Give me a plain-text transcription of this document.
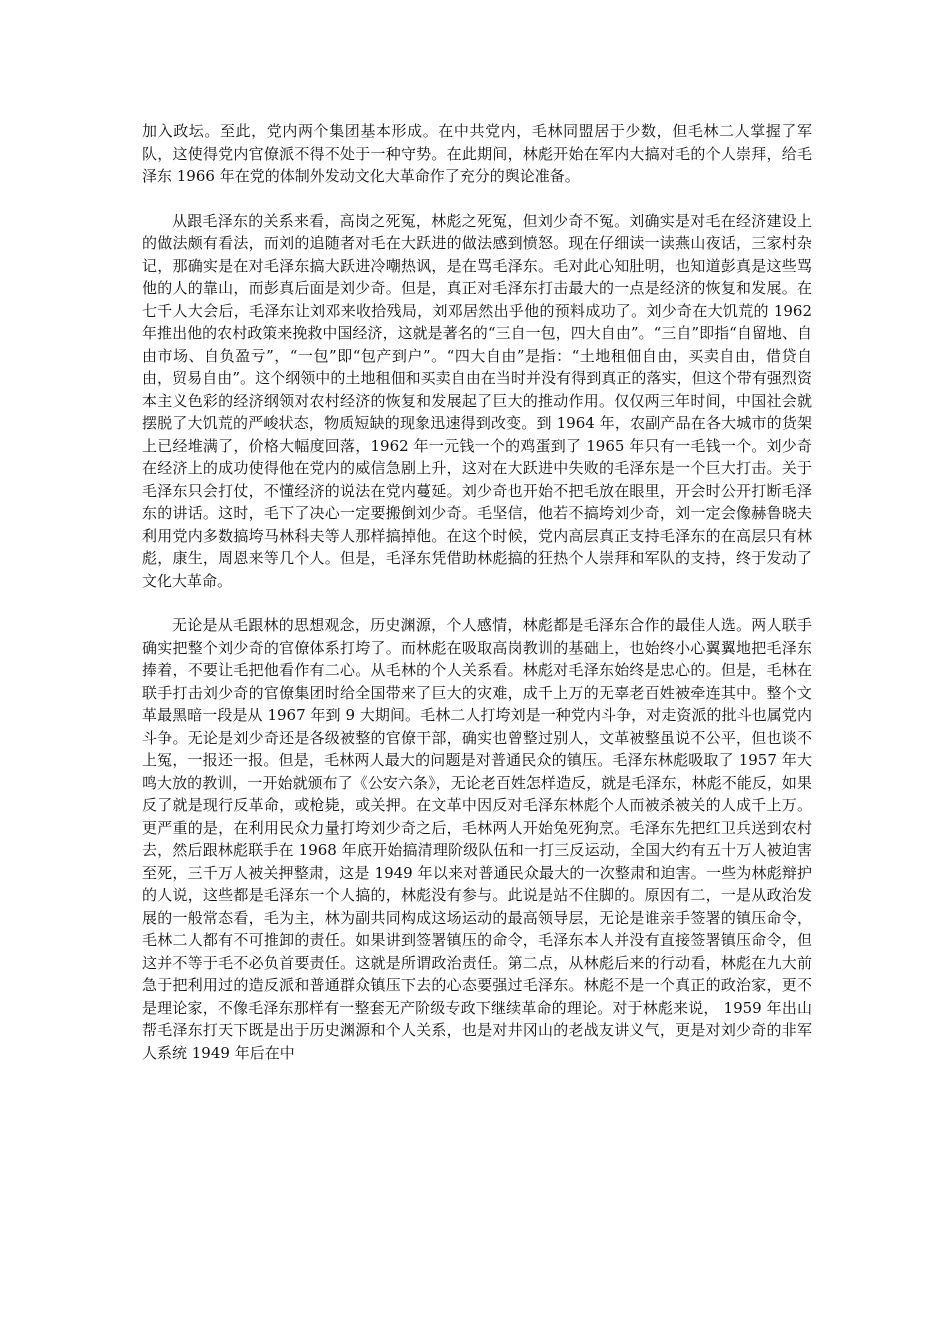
加入政坛。至此，党内两个集团基本形成。在中共党内，毛林同盟居于少数，但毛林二人掌握了军队，这使得党内官僚派不得不处于一种守势。在此期间，林彪开始在军内大搞对毛的个人崇拜，给毛泽东 1966 年在党的体制外发动文化大革命作了充分的舆论准备。

从跟毛泽东的关系来看，高岗之死冤，林彪之死冤，但刘少奇不冤。刘确实是对毛在经济建设上的做法颇有看法，而刘的追随者对毛在大跃进的做法感到愤怒。现在仔细读一读燕山夜话，三家村杂记，那确实是在对毛泽东搞大跃进冷嘲热讽，是在骂毛泽东。毛对此心知肚明，也知道彭真是这些骂他的人的靠山，而彭真后面是刘少奇。但是，真正对毛泽东打击最大的一点是经济的恢复和发展。在七千人大会后，毛泽东让刘邓来收拾残局，刘邓居然出乎他的预料成功了。刘少奇在大饥荒的 1962 年推出他的农村政策来挽救中国经济，这就是著名的“三自一包，四大自由”。“三自”即指“自留地、自由市场、自负盈亏”，“一包”即“包产到户”。“四大自由”是指：“土地租佃自由，买卖自由，借贷自由，贸易自由”。这个纲领中的土地租佃和买卖自由在当时并没有得到真正的落实，但这个带有强烈资本主义色彩的经济纲领对农村经济的恢复和发展起了巨大的推动作用。仅仅两三年时间，中国社会就摆脱了大饥荒的严峻状态，物质短缺的现象迅速得到改变。到 1964 年，农副产品在各大城市的货架上已经堆满了，价格大幅度回落，1962 年一元钱一个的鸡蛋到了 1965 年只有一毛钱一个。刘少奇在经济上的成功使得他在党内的威信急剧上升，这对在大跃进中失败的毛泽东是一个巨大打击。关于毛泽东只会打仗，不懂经济的说法在党内蔓延。刘少奇也开始不把毛放在眼里，开会时公开打断毛泽东的讲话。这时，毛下了决心一定要搬倒刘少奇。毛坚信，他若不搞垮刘少奇，刘一定会像赫鲁晓夫利用党内多数搞垮马林科夫等人那样搞掉他。在这个时候，党内高层真正支持毛泽东的在高层只有林彪，康生，周恩来等几个人。但是，毛泽东凭借助林彪搞的狂热个人崇拜和军队的支持，终于发动了文化大革命。

无论是从毛跟林的思想观念，历史渊源，个人感情，林彪都是毛泽东合作的最佳人选。两人联手确实把整个刘少奇的官僚体系打垮了。而林彪在吸取高岗教训的基础上，也始终小心翼翼地把毛泽东捧着，不要让毛把他看作有二心。从毛林的个人关系看。林彪对毛泽东始终是忠心的。但是，毛林在联手打击刘少奇的官僚集团时给全国带来了巨大的灾难，成千上万的无辜老百姓被牵连其中。整个文革最黑暗一段是从 1967 年到 9 大期间。毛林二人打垮刘是一种党内斗争，对走资派的批斗也属党内斗争。无论是刘少奇还是各级被整的官僚干部，确实也曾整过别人，文革被整虽说不公平，但也谈不上冤，一报还一报。但是，毛林两人最大的问题是对普通民众的镇压。毛泽东林彪吸取了 1957 年大鸣大放的教训，一开始就颁布了《公安六条》，无论老百姓怎样造反，就是毛泽东，林彪不能反，如果反了就是现行反革命，或枪毙，或关押。在文革中因反对毛泽东林彪个人而被杀被关的人成千上万。更严重的是，在利用民众力量打垮刘少奇之后，毛林两人开始兔死狗烹。毛泽东先把红卫兵送到农村去，然后跟林彪联手在 1968 年底开始搞清理阶级队伍和一打三反运动，全国大约有五十万人被迫害至死，三千万人被关押整肃，这是 1949 年以来对普通民众最大的一次整肃和迫害。一些为林彪辩护的人说，这些都是毛泽东一个人搞的，林彪没有参与。此说是站不住脚的。原因有二，一是从政治发展的一般常态看，毛为主，林为副共同构成这场运动的最高领导层，无论是谁亲手签署的镇压命令，毛林二人都有不可推卸的责任。如果讲到签署镇压的命令，毛泽东本人并没有直接签署镇压命令，但这并不等于毛不必负首要责任。这就是所谓政治责任。第二点，从林彪后来的行动看，林彪在九大前急于把利用过的造反派和普通群众镇压下去的心态要强过毛泽东。林彪不是一个真正的政治家，更不是理论家，不像毛泽东那样有一整套无产阶级专政下继续革命的理论。对于林彪来说， 1959 年出山帮毛泽东打天下既是出于历史渊源和个人关系，也是对井冈山的老战友讲义气，更是对刘少奇的非军人系统 1949 年后在中
